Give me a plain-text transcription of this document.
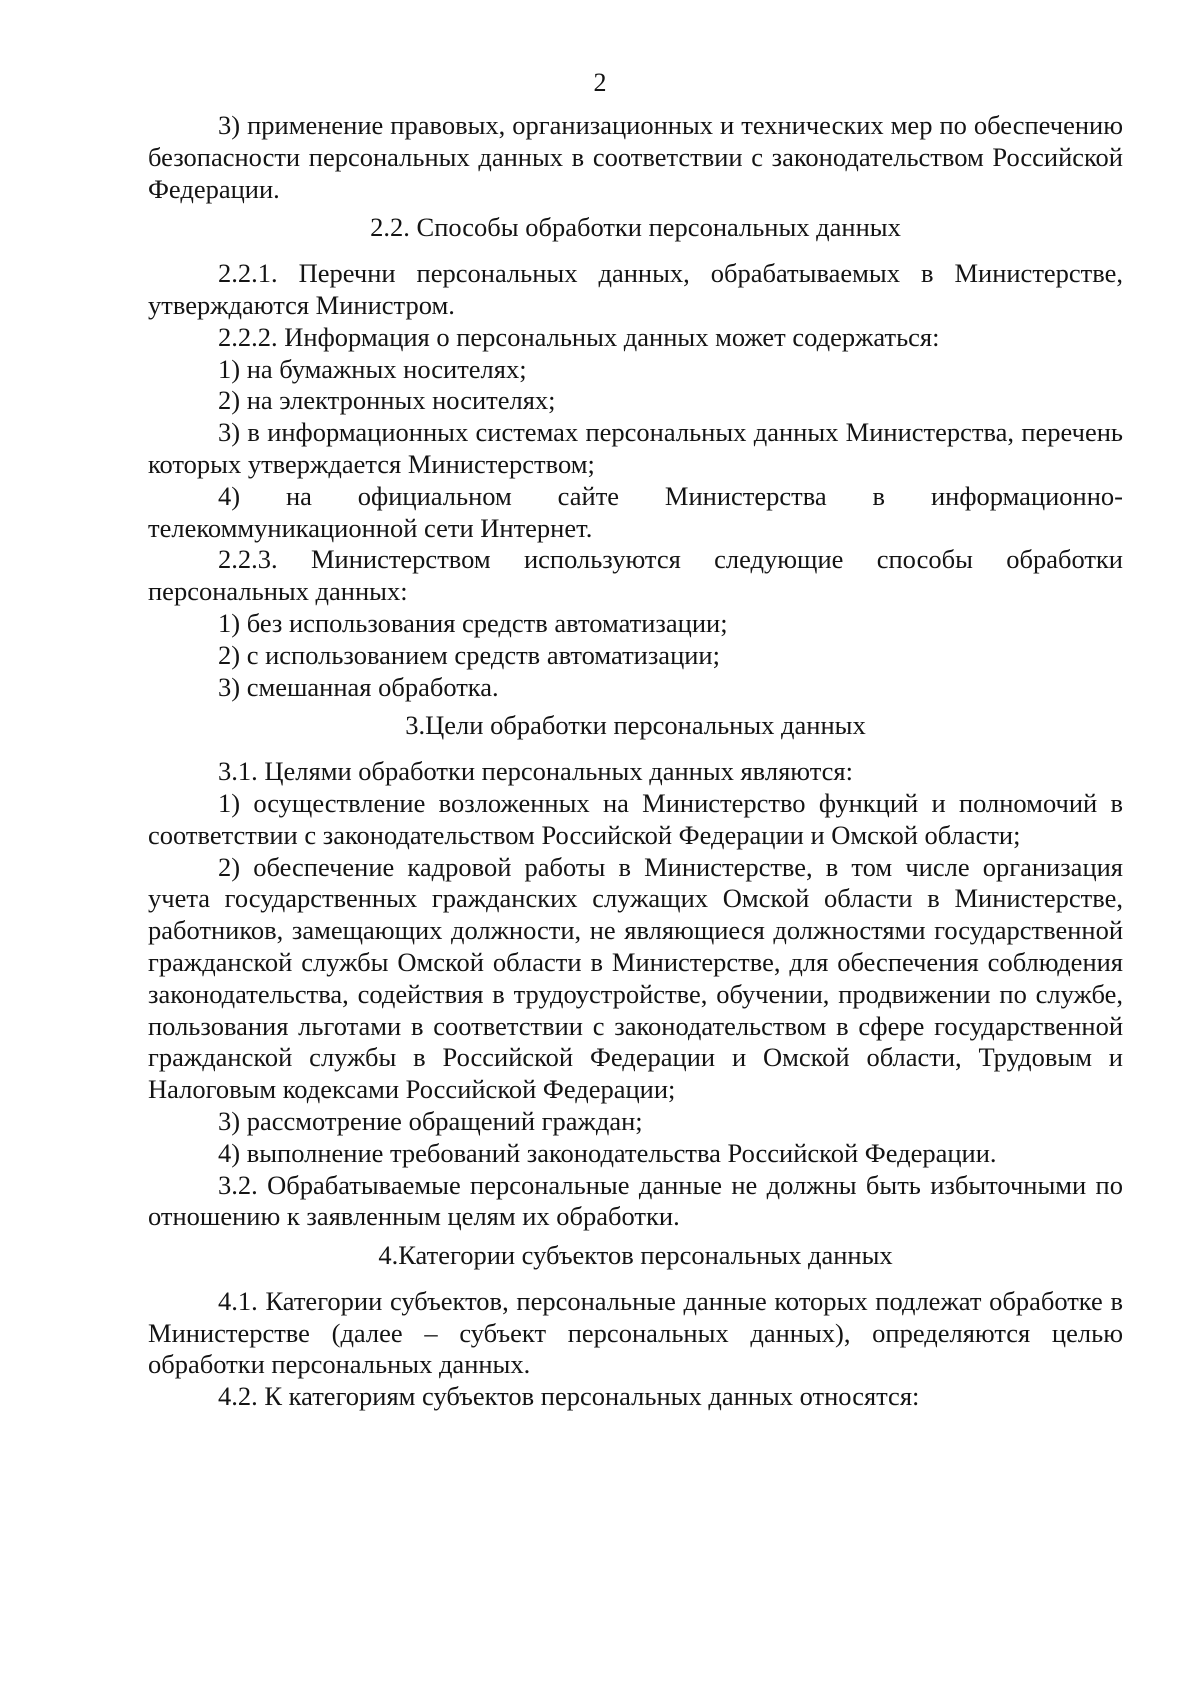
2

3) применение правовых, организационных и технических мер по обеспечению безопасности персональных данных в соответствии с законодательством Российской Федерации.

2.2. Способы обработки персональных данных

2.2.1. Перечни персональных данных, обрабатываемых в Министерстве, утверждаются Министром.

2.2.2. Информация о персональных данных может содержаться:

1) на бумажных носителях;

2) на электронных носителях;

3) в информационных системах персональных данных Министерства, перечень которых утверждается Министерством;

4) на официальном сайте Министерства в информационно-телекоммуникационной сети Интернет.

2.2.3. Министерством используются следующие способы обработки персональных данных:

1) без использования средств автоматизации;

2) с использованием средств автоматизации;

3) смешанная обработка.

3.Цели обработки персональных данных

3.1. Целями обработки персональных данных являются:

1) осуществление возложенных на Министерство функций и полномочий в соответствии с законодательством Российской Федерации и Омской области;

2) обеспечение кадровой работы в Министерстве, в том числе организация учета государственных гражданских служащих Омской области в Министерстве, работников, замещающих должности, не являющиеся должностями государственной гражданской службы Омской области в Министерстве, для обеспечения соблюдения законодательства, содействия в трудоустройстве, обучении, продвижении по службе, пользования льготами в соответствии с законодательством в сфере государственной гражданской службы в Российской Федерации и Омской области, Трудовым и Налоговым кодексами Российской Федерации;

3) рассмотрение обращений граждан;

4) выполнение требований законодательства Российской Федерации.

3.2. Обрабатываемые персональные данные не должны быть избыточными по отношению к заявленным целям их обработки.

4.Категории субъектов персональных данных

4.1. Категории субъектов, персональные данные которых подлежат обработке в Министерстве (далее – субъект персональных данных), определяются целью обработки персональных данных.

4.2. К категориям субъектов персональных данных относятся:
